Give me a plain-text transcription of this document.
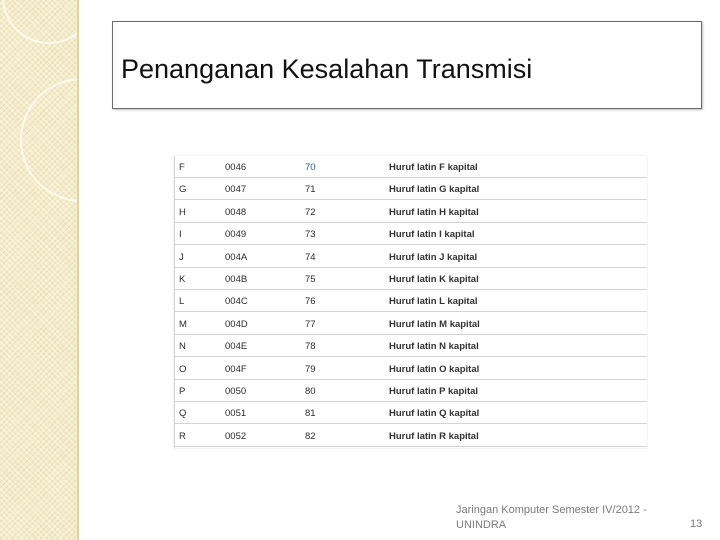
Penanganan Kesalahan Transmisi
F	0046	70	Huruf latin F kapital
G	0047	71	Huruf latin G kapital
H	0048	72	Huruf latin H kapital
I	0049	73	Huruf latin I kapital
J	004A	74	Huruf latin J kapital
K	004B	75	Huruf latin K kapital
L	004C	76	Huruf latin L kapital
M	004D	77	Huruf latin M kapital
N	004E	78	Huruf latin N kapital
O	004F	79	Huruf latin O kapital
P	0050	80	Huruf latin P kapital
Q	0051	81	Huruf latin Q kapital
R	0052	82	Huruf latin R kapital
Jaringan Komputer Semester IV/2012 - UNINDRA	13
